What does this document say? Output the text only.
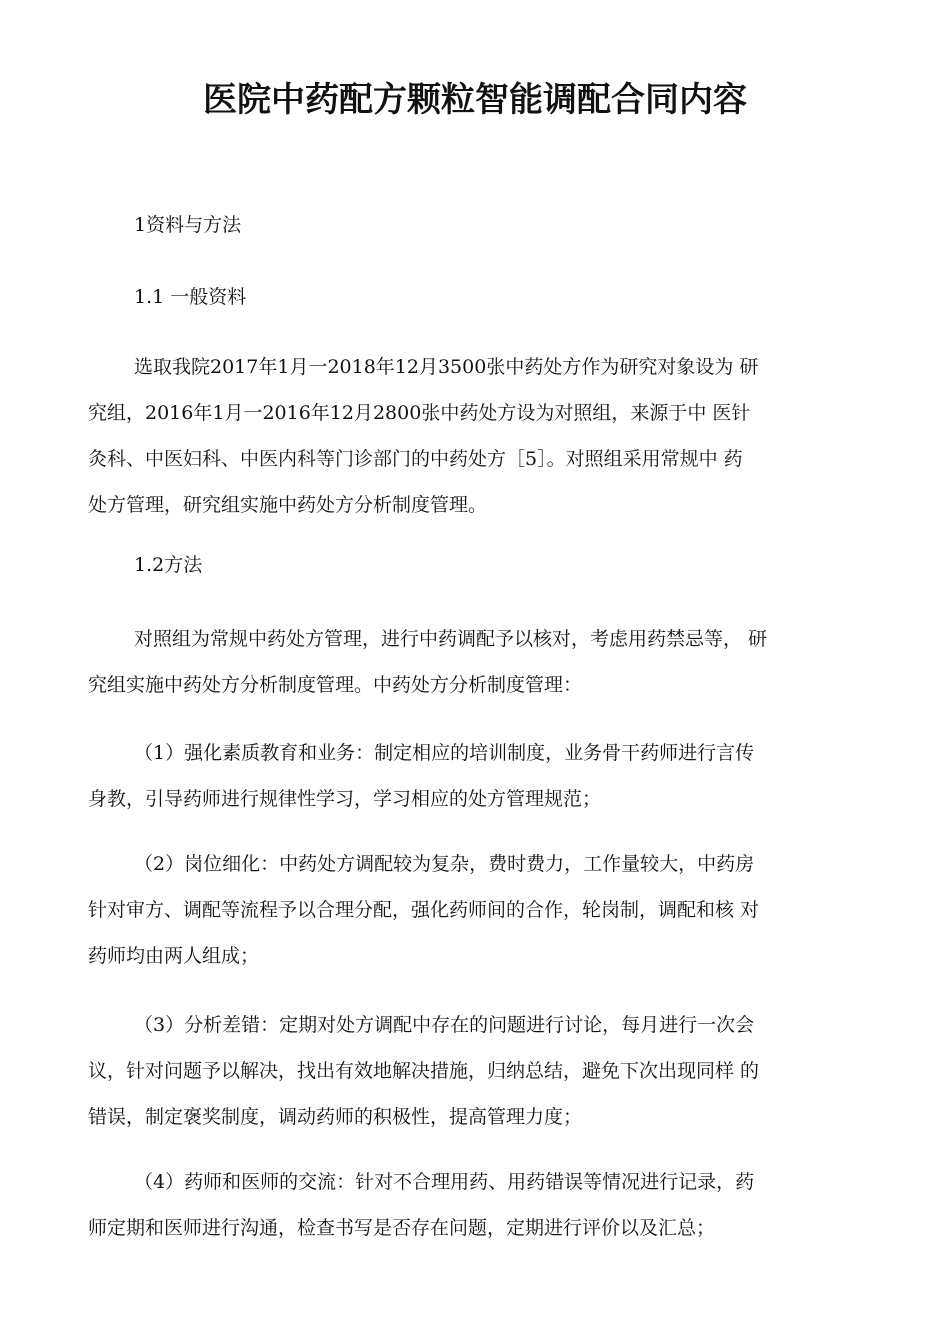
医院中药配方颗粒智能调配合同内容
1资料与方法
1.1 一般资料
选取我院2017年1月一2018年12月3500张中药处方作为研究对象设为 研
究组，2016年1月一2016年12月2800张中药处方设为对照组，来源于中 医针
灸科、中医妇科、中医内科等门诊部门的中药处方［5］。对照组采用常规中 药
处方管理，研究组实施中药处方分析制度管理。
1.2方法
对照组为常规中药处方管理，进行中药调配予以核对，考虑用药禁忌等， 研
究组实施中药处方分析制度管理。中药处方分析制度管理：
（1）强化素质教育和业务：制定相应的培训制度，业务骨干药师进行言传
身教，引导药师进行规律性学习，学习相应的处方管理规范；
（2）岗位细化：中药处方调配较为复杂，费时费力，工作量较大，中药房
针对审方、调配等流程予以合理分配，强化药师间的合作，轮岗制，调配和核 对
药师均由两人组成；
（3）分析差错：定期对处方调配中存在的问题进行讨论，每月进行一次会
议，针对问题予以解决，找出有效地解决措施，归纳总结，避免下次出现同样 的
错误，制定褒奖制度，调动药师的积极性，提高管理力度；
（4）药师和医师的交流：针对不合理用药、用药错误等情况进行记录，药
师定期和医师进行沟通，检查书写是否存在问题，定期进行评价以及汇总；
